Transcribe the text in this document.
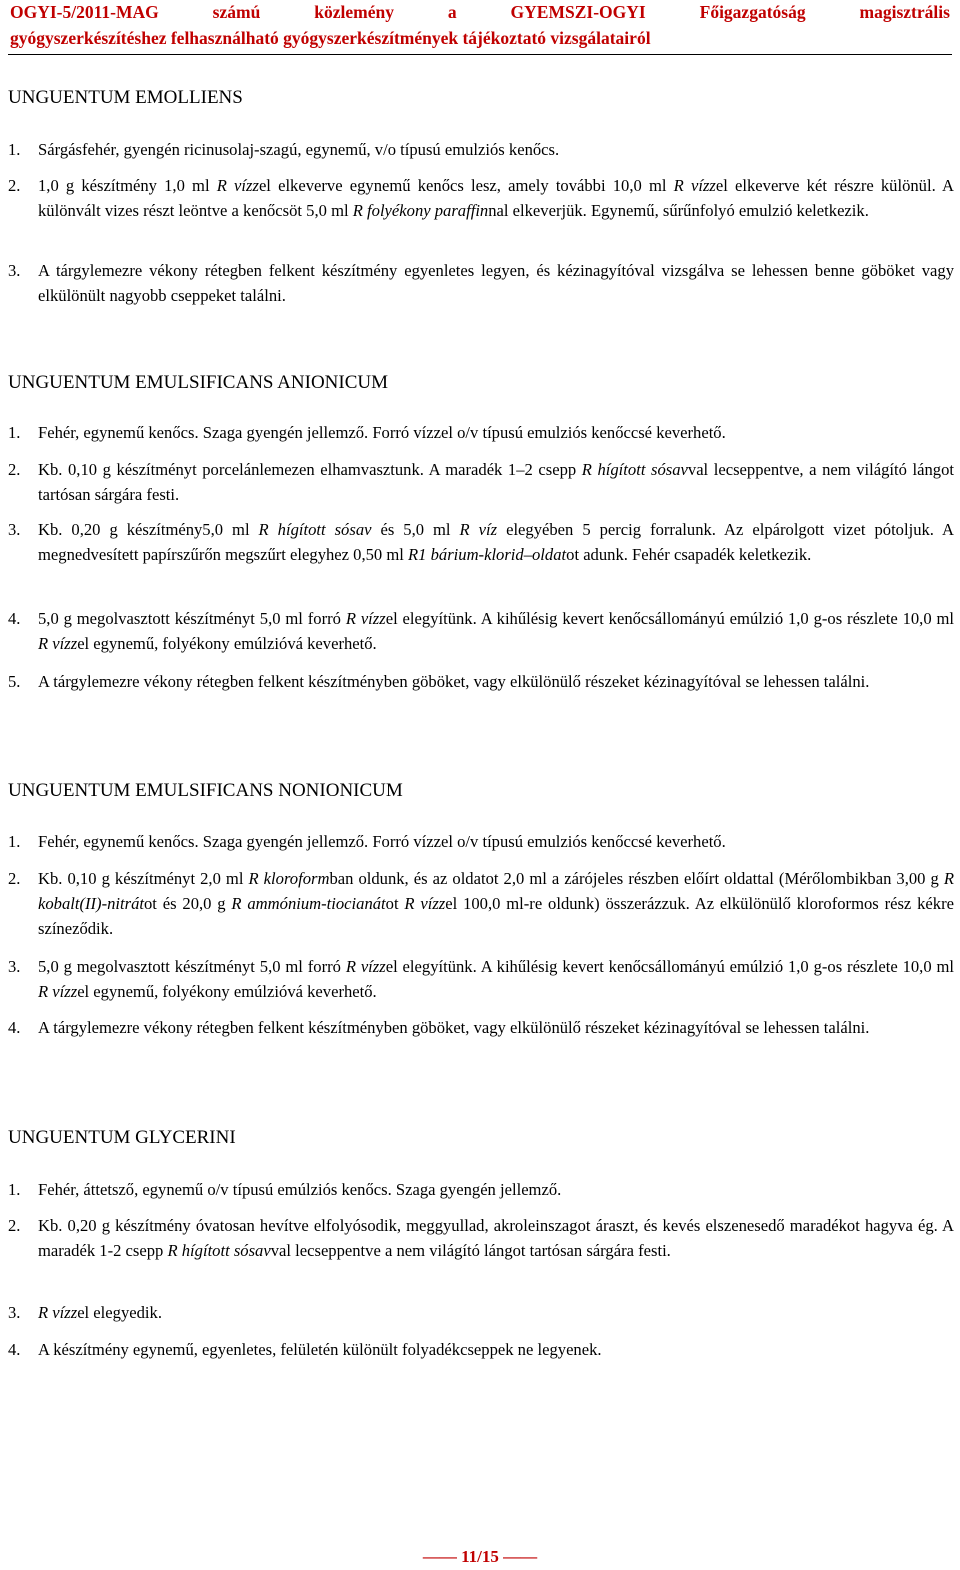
OGYI-5/2011-MAG	számú	közlemény	a	GYEMSZI-OGYI	Főigazgatóság	magisztrális
gyógyszerkészítéshez felhasználható gyógyszerkészítmények tájékoztató vizsgálatairól
UNGUENTUM EMOLLIENS
1. Sárgásfehér, gyengén ricinusolaj-szagú, egynemű, v/o típusú emulziós kenőcs.
2. 1,0 g készítmény 1,0 ml R vízzel elkeverve egynemű kenőcs lesz, amely további 10,0 ml R vízzel elkeverve két részre különül. A különvált vizes részt leöntve a kenőcsöt 5,0 ml R folyékony paraffinnal elkeverjük. Egynemű, sűrűnfolyó emulzió keletkezik.
3. A tárgylemezre vékony rétegben felkent készítmény egyenletes legyen, és kézinagyítóval vizsgálva se lehessen benne göböket vagy elkülönült nagyobb cseppeket találni.
UNGUENTUM EMULSIFICANS ANIONICUM
1. Fehér, egynemű kenőcs. Szaga gyengén jellemző. Forró vízzel o/v típusú emulziós kenőccsé keverhető.
2. Kb. 0,10 g készítményt porcelánlemezen elhamvasztunk. A maradék 1–2 csepp R hígított sósavval lecseppentve, a nem világító lángot tartósan sárgára festi.
3. Kb. 0,20 g készítmény5,0 ml R hígított sósav és 5,0 ml R víz elegyében 5 percig forralunk. Az elpárolgott vizet pótoljuk. A megnedvesített papírszűrőn megszűrt elegyhez 0,50 ml R1 bárium-klorid–oldatot adunk. Fehér csapadék keletkezik.
4. 5,0 g megolvasztott készítményt 5,0 ml forró R vízzel elegyítünk. A kihűlésig kevert kenőcsállományú emúlzió 1,0 g-os részlete 10,0 ml R vízzel egynemű, folyékony emúlzióvá keverhető.
5. A tárgylemezre vékony rétegben felkent készítményben göböket, vagy elkülönülő részeket kézinagyítóval se lehessen találni.
UNGUENTUM EMULSIFICANS NONIONICUM
1. Fehér, egynemű kenőcs. Szaga gyengén jellemző. Forró vízzel o/v típusú emulziós kenőccsé keverhető.
2. Kb. 0,10 g készítményt 2,0 ml R kloroformban oldunk, és az oldatot 2,0 ml a zárójeles részben előírt oldattal (Mérőlombikban 3,00 g R kobalt(II)-nitrátot és 20,0 g R ammónium-tiocianátot R vízzel 100,0 ml-re oldunk) összerázzuk. Az elkülönülő kloroformos rész kékre színeződik.
3. 5,0 g megolvasztott készítményt 5,0 ml forró R vízzel elegyítünk. A kihűlésig kevert kenőcsállományú emúlzió 1,0 g-os részlete 10,0 ml R vízzel egynemű, folyékony emúlzióvá keverhető.
4. A tárgylemezre vékony rétegben felkent készítményben göböket, vagy elkülönülő részeket kézinagyítóval se lehessen találni.
UNGUENTUM GLYCERINI
1. Fehér, áttetsző, egynemű o/v típusú emúlziós kenőcs. Szaga gyengén jellemző.
2. Kb. 0,20 g készítmény óvatosan hevítve elfolyósodik, meggyullad, akroleinszagot áraszt, és kevés elszenesedő maradékot hagyva ég. A maradék 1-2 csepp R hígított sósavval lecseppentve a nem világító lángot tartósan sárgára festi.
3. R vízzel elegyedik.
4. A készítmény egynemű, egyenletes, felületén különült folyadékcseppek ne legyenek.
—— 11/15 ——
